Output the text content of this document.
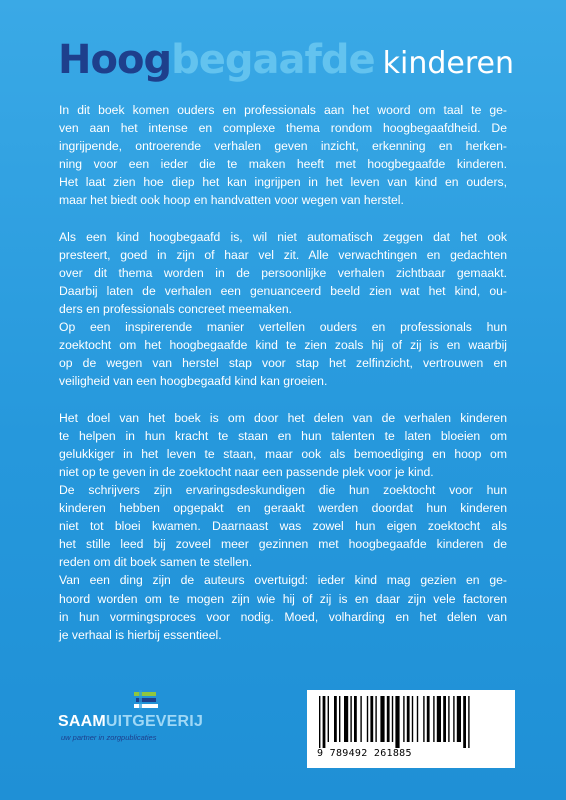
Hoogbegaafde kinderen

In dit boek komen ouders en professionals aan het woord om taal te ge-
ven aan het intense en complexe thema rondom hoogbegaafdheid. De
ingrijpende, ontroerende verhalen geven inzicht, erkenning en herken-
ning voor een ieder die te maken heeft met hoogbegaafde kinderen.
Het laat zien hoe diep het kan ingrijpen in het leven van kind en ouders,
maar het biedt ook hoop en handvatten voor wegen van herstel.

Als een kind hoogbegaafd is, wil niet automatisch zeggen dat het ook
presteert, goed in zijn of haar vel zit. Alle verwachtingen en gedachten
over dit thema worden in de persoonlijke verhalen zichtbaar gemaakt.
Daarbij laten de verhalen een genuanceerd beeld zien wat het kind, ou-
ders en professionals concreet meemaken.

Op een inspirerende manier vertellen ouders en professionals hun
zoektocht om het hoogbegaafde kind te zien zoals hij of zij is en waarbij
op de wegen van herstel stap voor stap het zelfinzicht, vertrouwen en
veiligheid van een hoogbegaafd kind kan groeien.

Het doel van het boek is om door het delen van de verhalen kinderen
te helpen in hun kracht te staan en hun talenten te laten bloeien om
gelukkiger in het leven te staan, maar ook als bemoediging en hoop om
niet op te geven in de zoektocht naar een passende plek voor je kind.

De schrijvers zijn ervaringsdeskundigen die hun zoektocht voor hun
kinderen hebben opgepakt en geraakt werden doordat hun kinderen
niet tot bloei kwamen. Daarnaast was zowel hun eigen zoektocht als
het stille leed bij zoveel meer gezinnen met hoogbegaafde kinderen de
reden om dit boek samen te stellen.

Van een ding zijn de auteurs overtuigd: ieder kind mag gezien en ge-
hoord worden om te mogen zijn wie hij of zij is en daar zijn vele factoren
in hun vormingsproces voor nodig. Moed, volharding en het delen van
je verhaal is hierbij essentieel.

SAAMUITGEVERIJ
uw partner in zorgpublicaties
9 789492 261885
